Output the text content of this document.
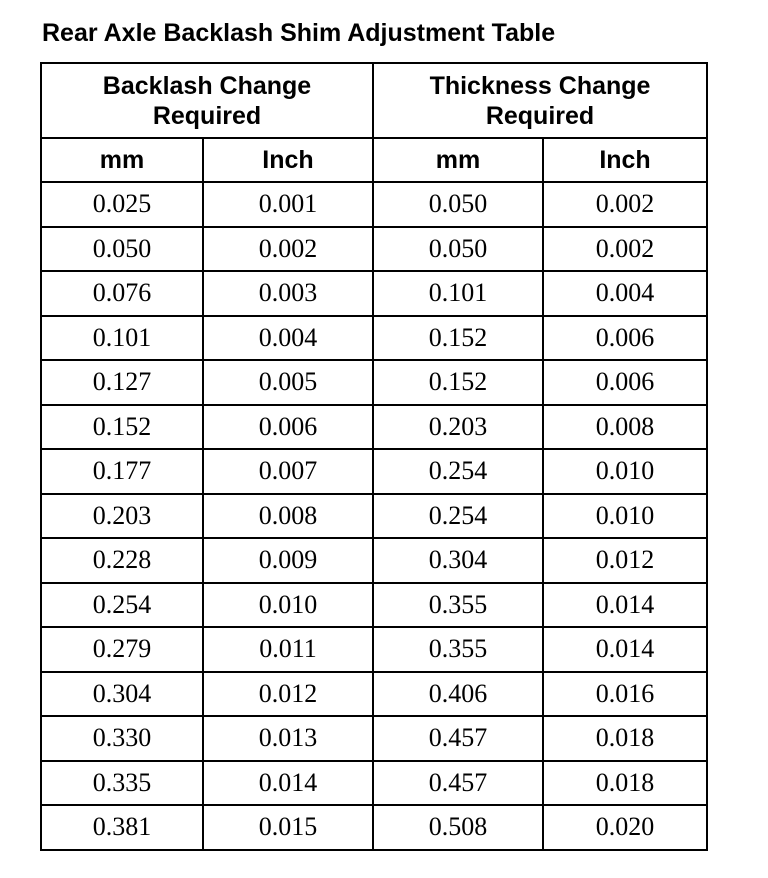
Rear Axle Backlash Shim Adjustment Table
Backlash Change
Required		Thickness Change
Required	

mm	Inch	mm	Inch
0.025	0.001	0.050	0.002
0.050	0.002	0.050	0.002
0.076	0.003	0.101	0.004
0.101	0.004	0.152	0.006
0.127	0.005	0.152	0.006
0.152	0.006	0.203	0.008
0.177	0.007	0.254	0.010
0.203	0.008	0.254	0.010
0.228	0.009	0.304	0.012
0.254	0.010	0.355	0.014
0.279	0.011	0.355	0.014
0.304	0.012	0.406	0.016
0.330	0.013	0.457	0.018
0.335	0.014	0.457	0.018
0.381	0.015	0.508	0.020
